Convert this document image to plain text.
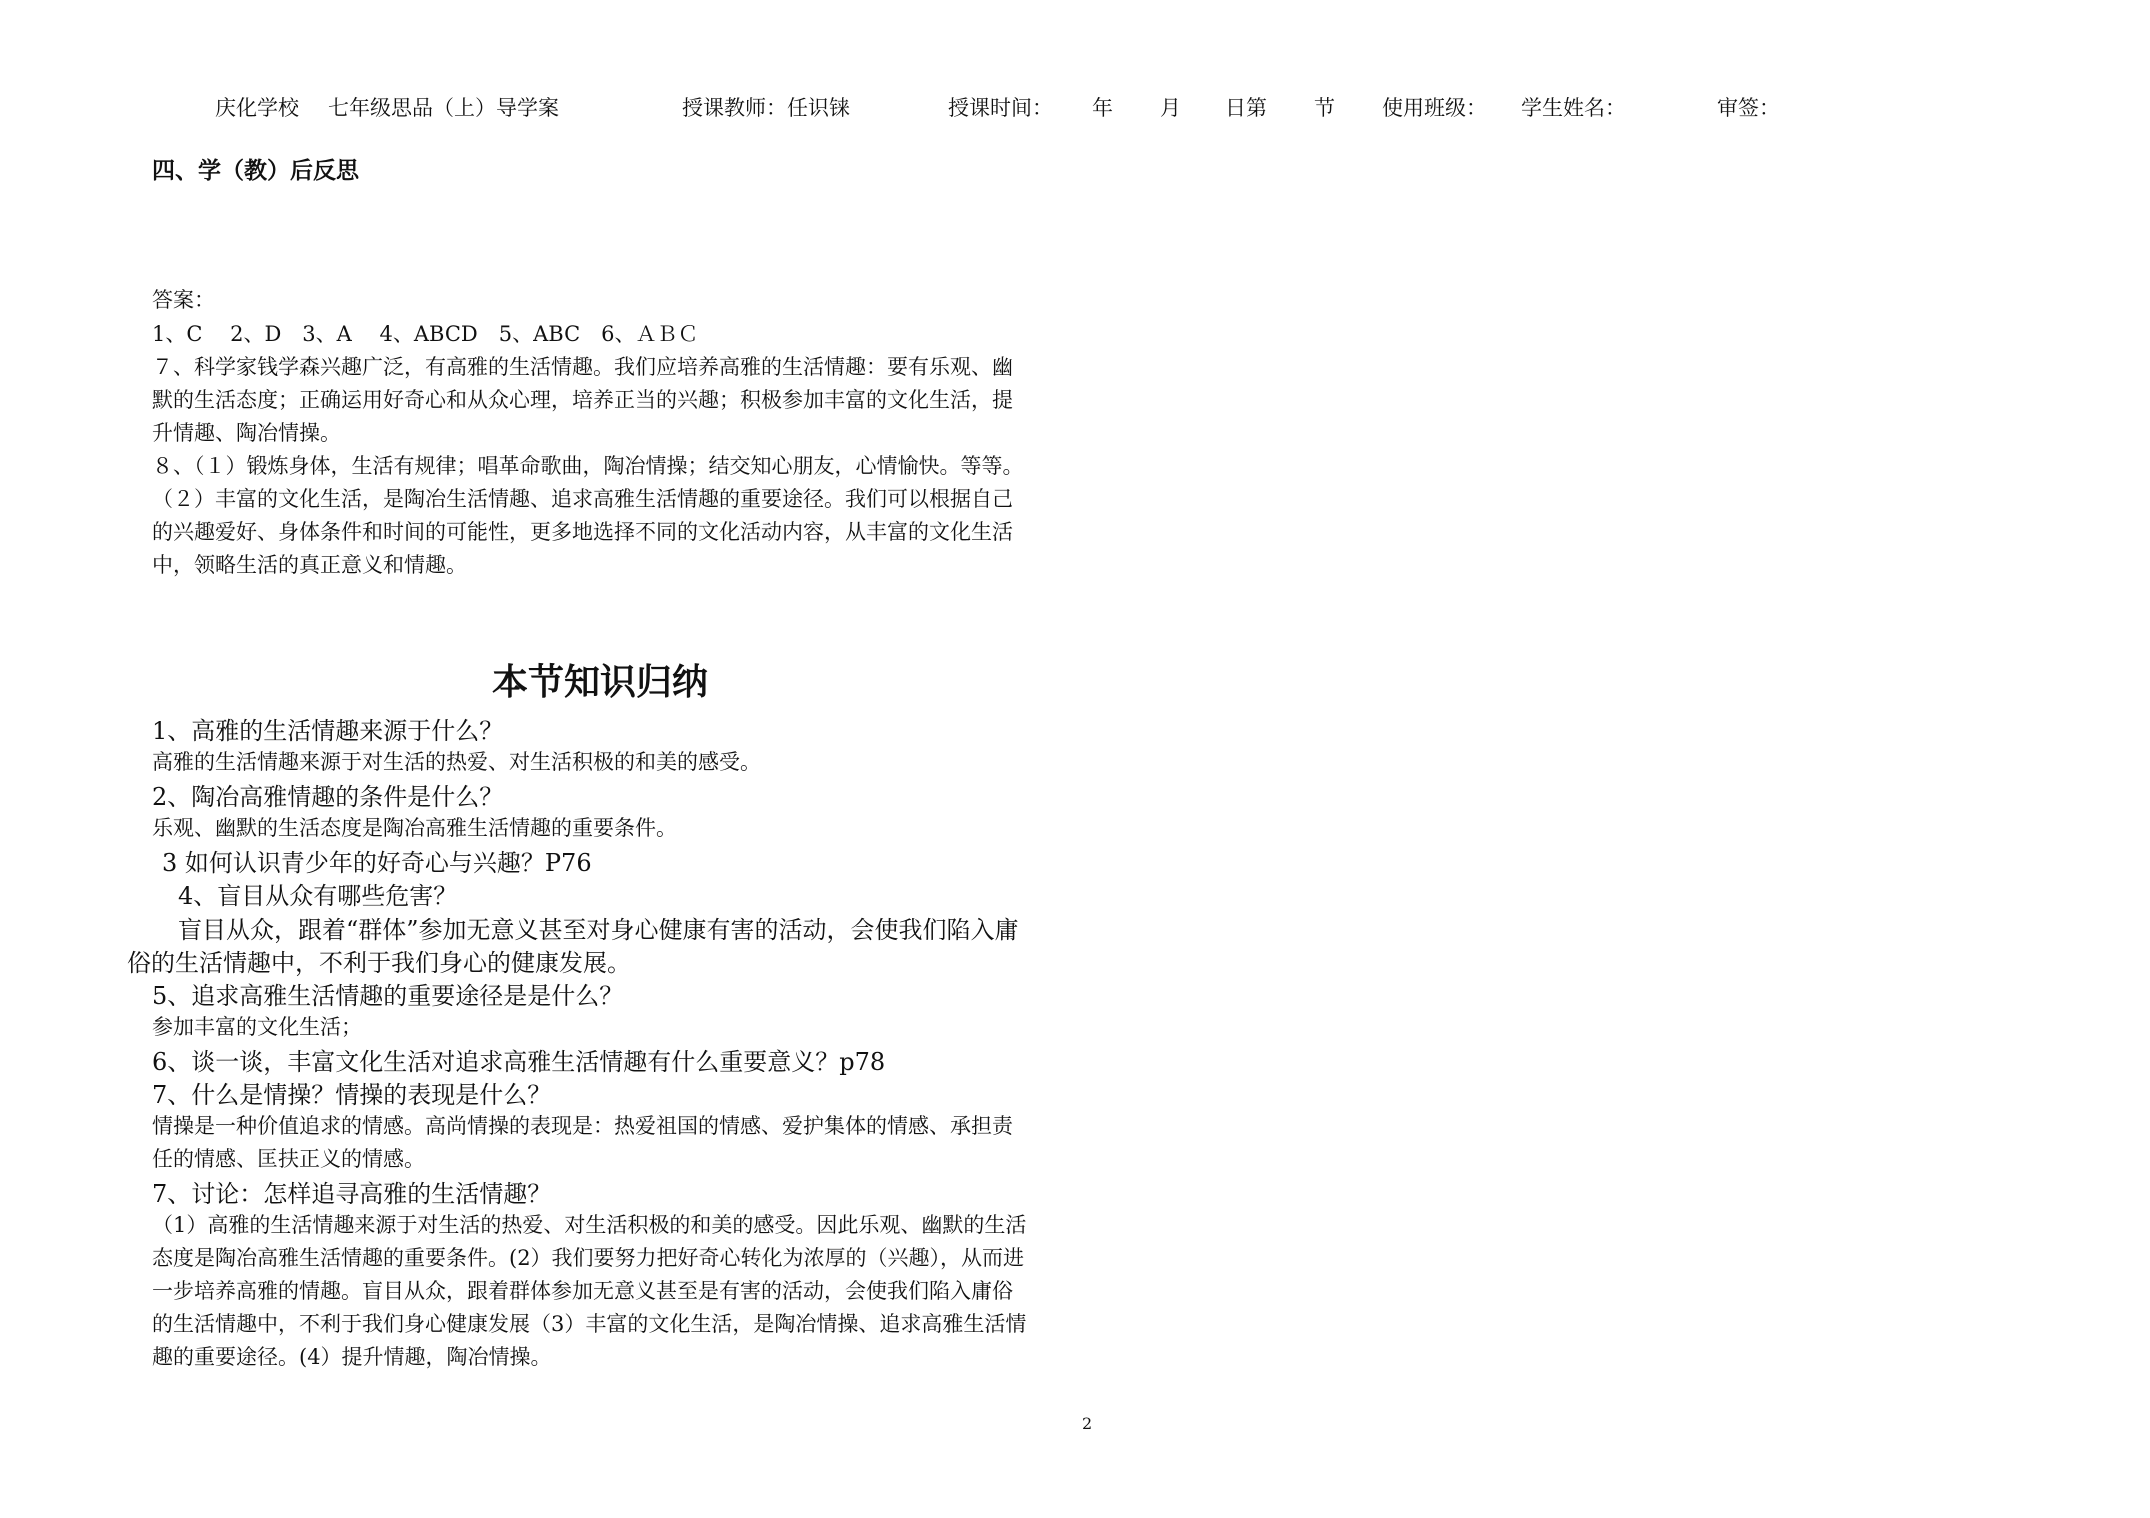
庆化学校 七年级思品（上）导学案	授课教师：任识铼	授课时间： 年 月 日第 节 使用班级： 学生姓名：	审签：
四、学（教）后反思
答案：
1、C　 2、D　3、A　 4、ABCD　5、ABC　6、ＡＢＣ
７、科学家钱学森兴趣广泛，有高雅的生活情趣。我们应培养高雅的生活情趣：要有乐观、幽
默的生活态度；正确运用好奇心和从众心理，培养正当的兴趣；积极参加丰富的文化生活，提
升情趣、陶冶情操。
８、（１）锻炼身体，生活有规律；唱革命歌曲，陶冶情操；结交知心朋友，心情愉快。等等。
（２）丰富的文化生活，是陶冶生活情趣、追求高雅生活情趣的重要途径。我们可以根据自己
的兴趣爱好、身体条件和时间的可能性，更多地选择不同的文化活动内容，从丰富的文化生活
中，领略生活的真正意义和情趣。
本节知识归纳
1、高雅的生活情趣来源于什么？
高雅的生活情趣来源于对生活的热爱、对生活积极的和美的感受。
2、陶冶高雅情趣的条件是什么？
乐观、幽默的生活态度是陶冶高雅生活情趣的重要条件。
3 如何认识青少年的好奇心与兴趣？P76
4、盲目从众有哪些危害？
盲目从众，跟着“群体”参加无意义甚至对身心健康有害的活动，会使我们陷入庸
俗的生活情趣中，不利于我们身心的健康发展。
5、追求高雅生活情趣的重要途径是是什么？
参加丰富的文化生活；
6、谈一谈，丰富文化生活对追求高雅生活情趣有什么重要意义？p78
7、什么是情操？情操的表现是什么？
情操是一种价值追求的情感。高尚情操的表现是：热爱祖国的情感、爱护集体的情感、承担责
任的情感、匡扶正义的情感。
7、讨论：怎样追寻高雅的生活情趣？
（1）高雅的生活情趣来源于对生活的热爱、对生活积极的和美的感受。因此乐观、幽默的生活
态度是陶冶高雅生活情趣的重要条件。(2）我们要努力把好奇心转化为浓厚的（兴趣），从而进
一步培养高雅的情趣。盲目从众，跟着群体参加无意义甚至是有害的活动，会使我们陷入庸俗
的生活情趣中，不利于我们身心健康发展（3）丰富的文化生活，是陶冶情操、追求高雅生活情
趣的重要途径。(4）提升情趣，陶冶情操。
2
